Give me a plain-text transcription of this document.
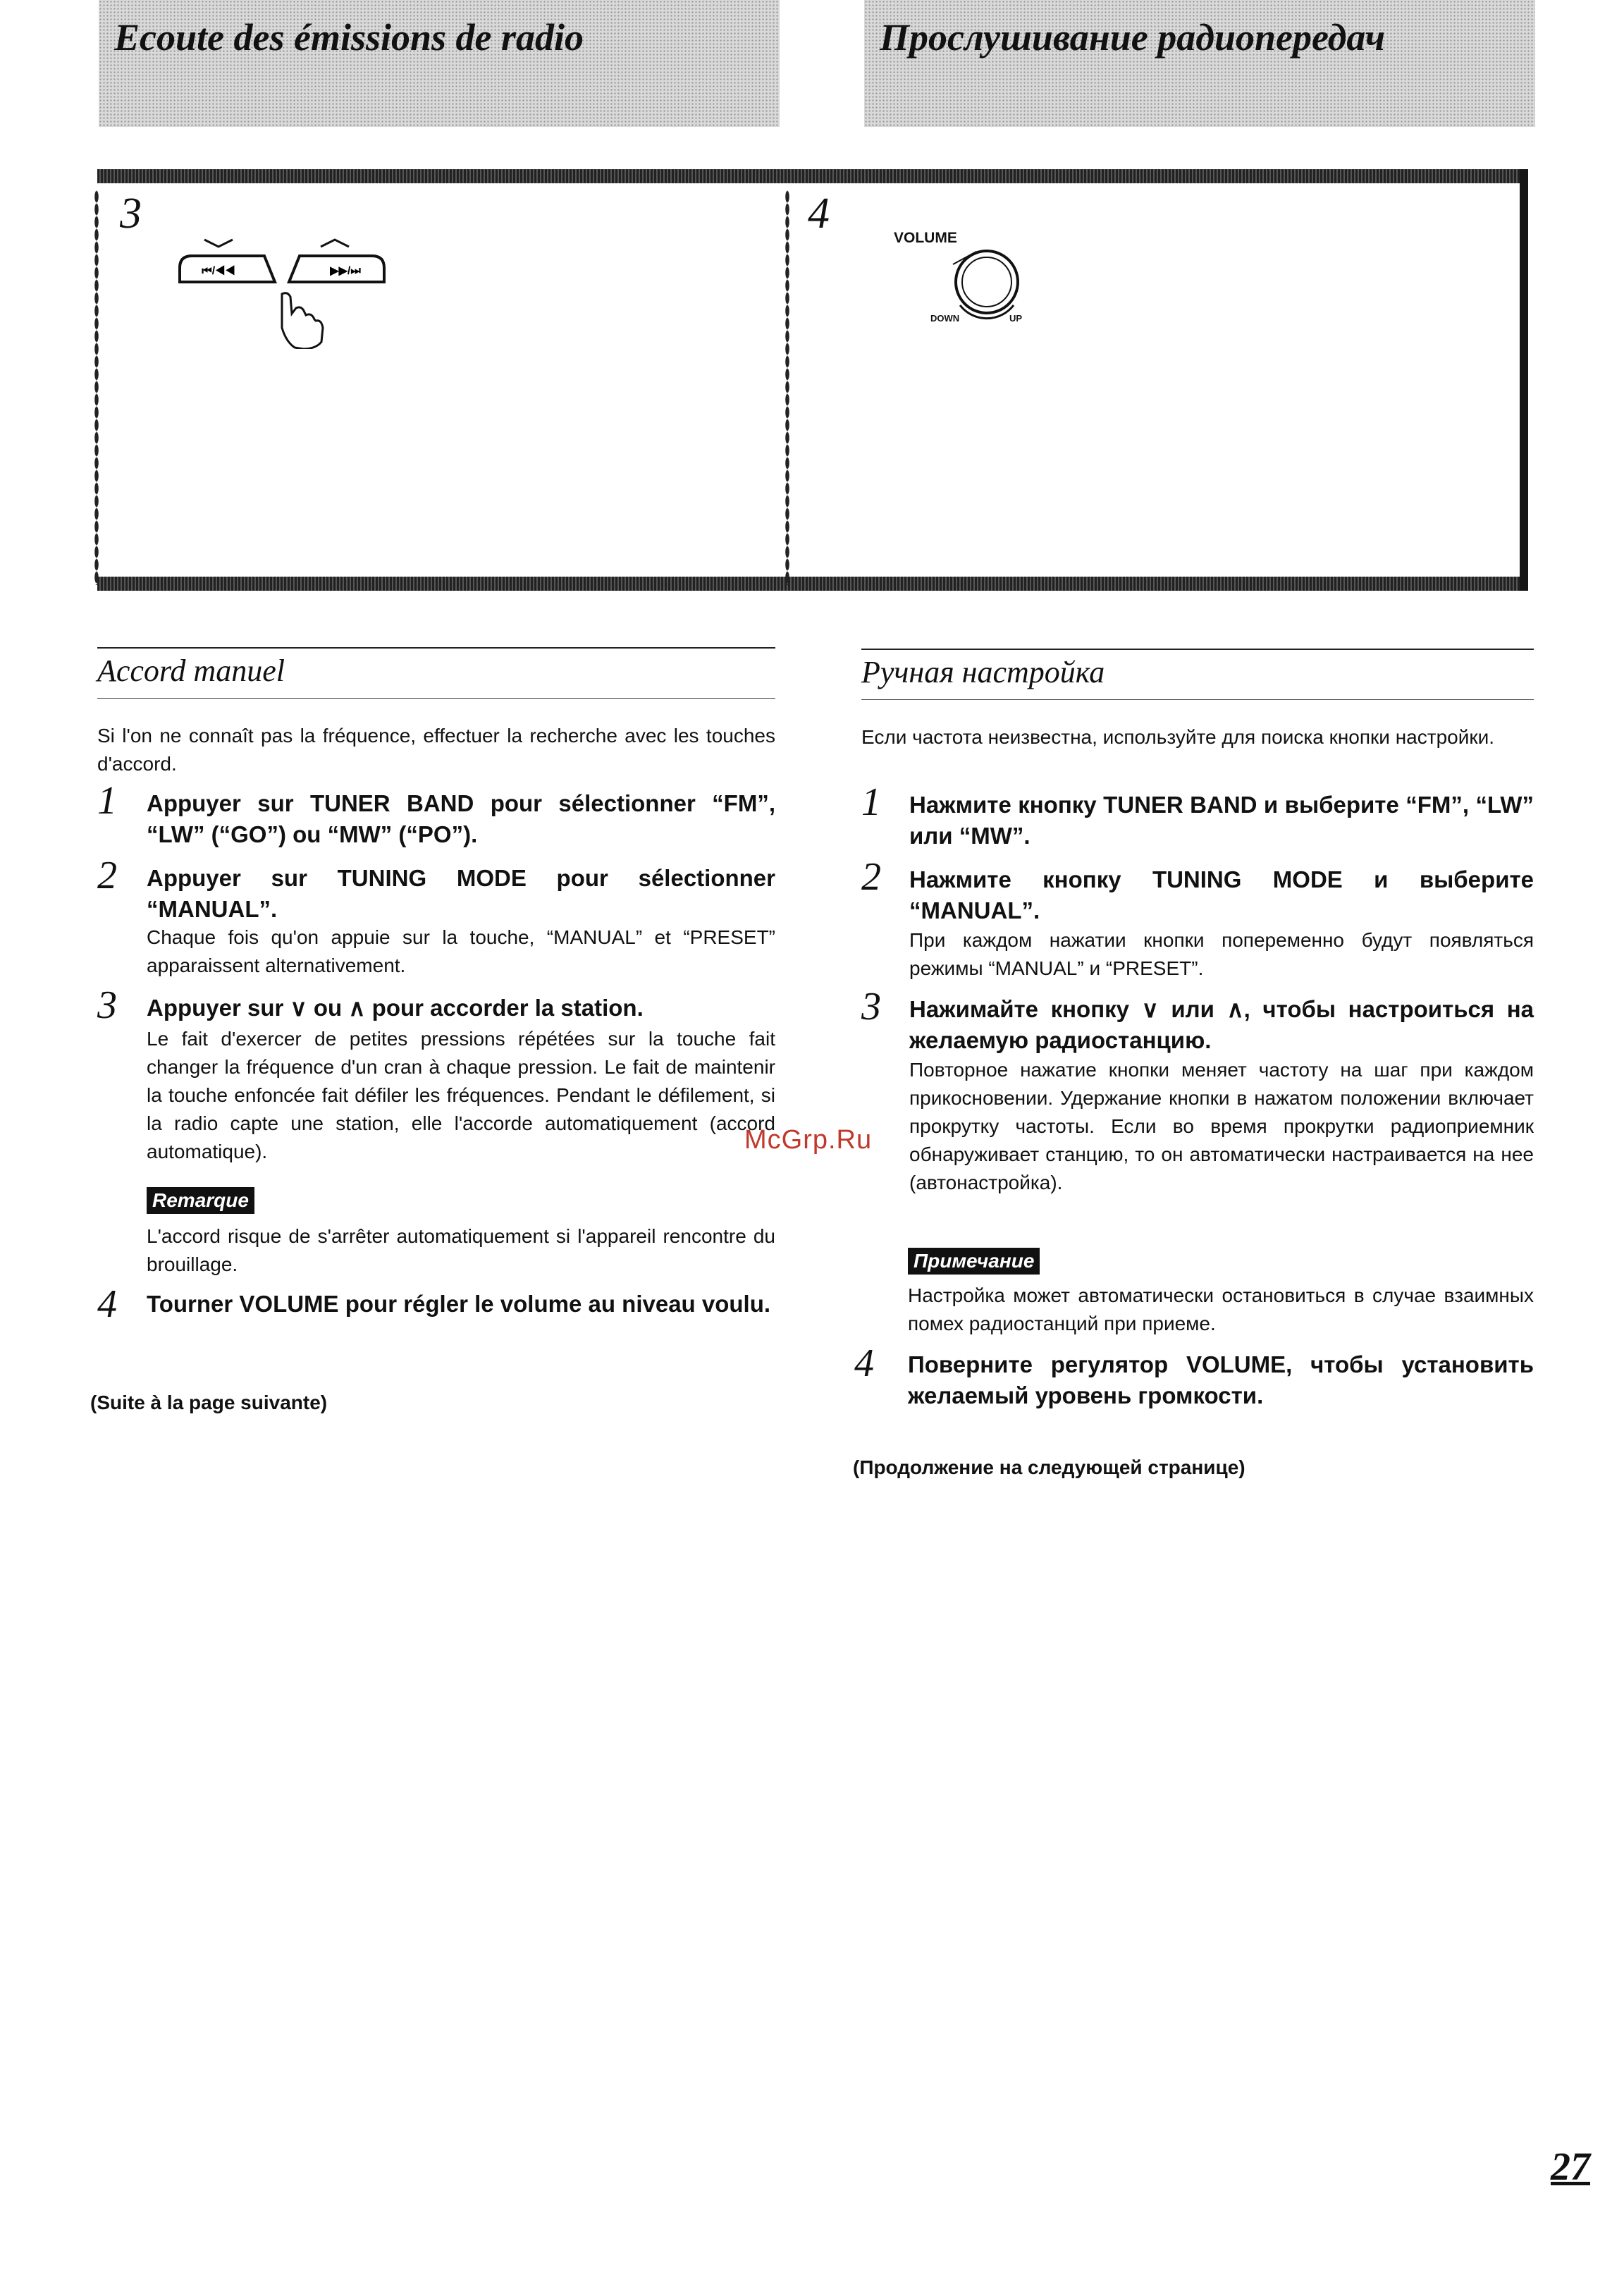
Ecoute des émissions de radio	Прослушивание радиопередач
3	4
⏮/◀◀	▶▶/⏭
VOLUME
DOWN	UP
Accord manuel
Si l'on ne connaît pas la fréquence, effectuer la recherche avec les touches d'accord.
1 Appuyer sur TUNER BAND pour sélectionner “FM”, “LW” (“GO”) ou “MW” (“PO”).
2 Appuyer sur TUNING MODE pour sélectionner “MANUAL”.
Chaque fois qu'on appuie sur la touche, “MANUAL” et “PRESET” apparaissent alternativement.
3 Appuyer sur ∨ ou ∧ pour accorder la station.
Le fait d'exercer de petites pressions répétées sur la touche fait changer la fréquence d'un cran à chaque pression. Le fait de maintenir la touche enfoncée fait défiler les fréquences. Pendant le défilement, si la radio capte une station, elle l'accorde automatiquement (accord automatique).
Remarque
L'accord risque de s'arrêter automatiquement si l'appareil rencontre du brouillage.
4 Tourner VOLUME pour régler le volume au niveau voulu.
(Suite à la page suivante)
Ручная настройка
Если частота неизвестна, используйте для поиска кнопки настройки.
1 Нажмите кнопку TUNER BAND и выберите “FM”, “LW” или “MW”.
2 Нажмите кнопку TUNING MODE и выберите “MANUAL”.
При каждом нажатии кнопки попеременно будут появляться режимы “MANUAL” и “PRESET”.
3 Нажимайте кнопку ∨ или ∧, чтобы настроиться на желаемую радиостанцию.
Повторное нажатие кнопки меняет частоту на шаг при каждом прикосновении. Удержание кнопки в нажатом положении включает прокрутку частоты. Если во время прокрутки радиоприемник обнаруживает станцию, то он автоматически настраивается на нее (автонастройка).
Примечание
Настройка может автоматически остановиться в случае взаимных помех радиостанций при приеме.
4 Поверните регулятор VOLUME, чтобы установить желаемый уровень громкости.
(Продолжение на следующей странице)
McGrp.Ru
27
